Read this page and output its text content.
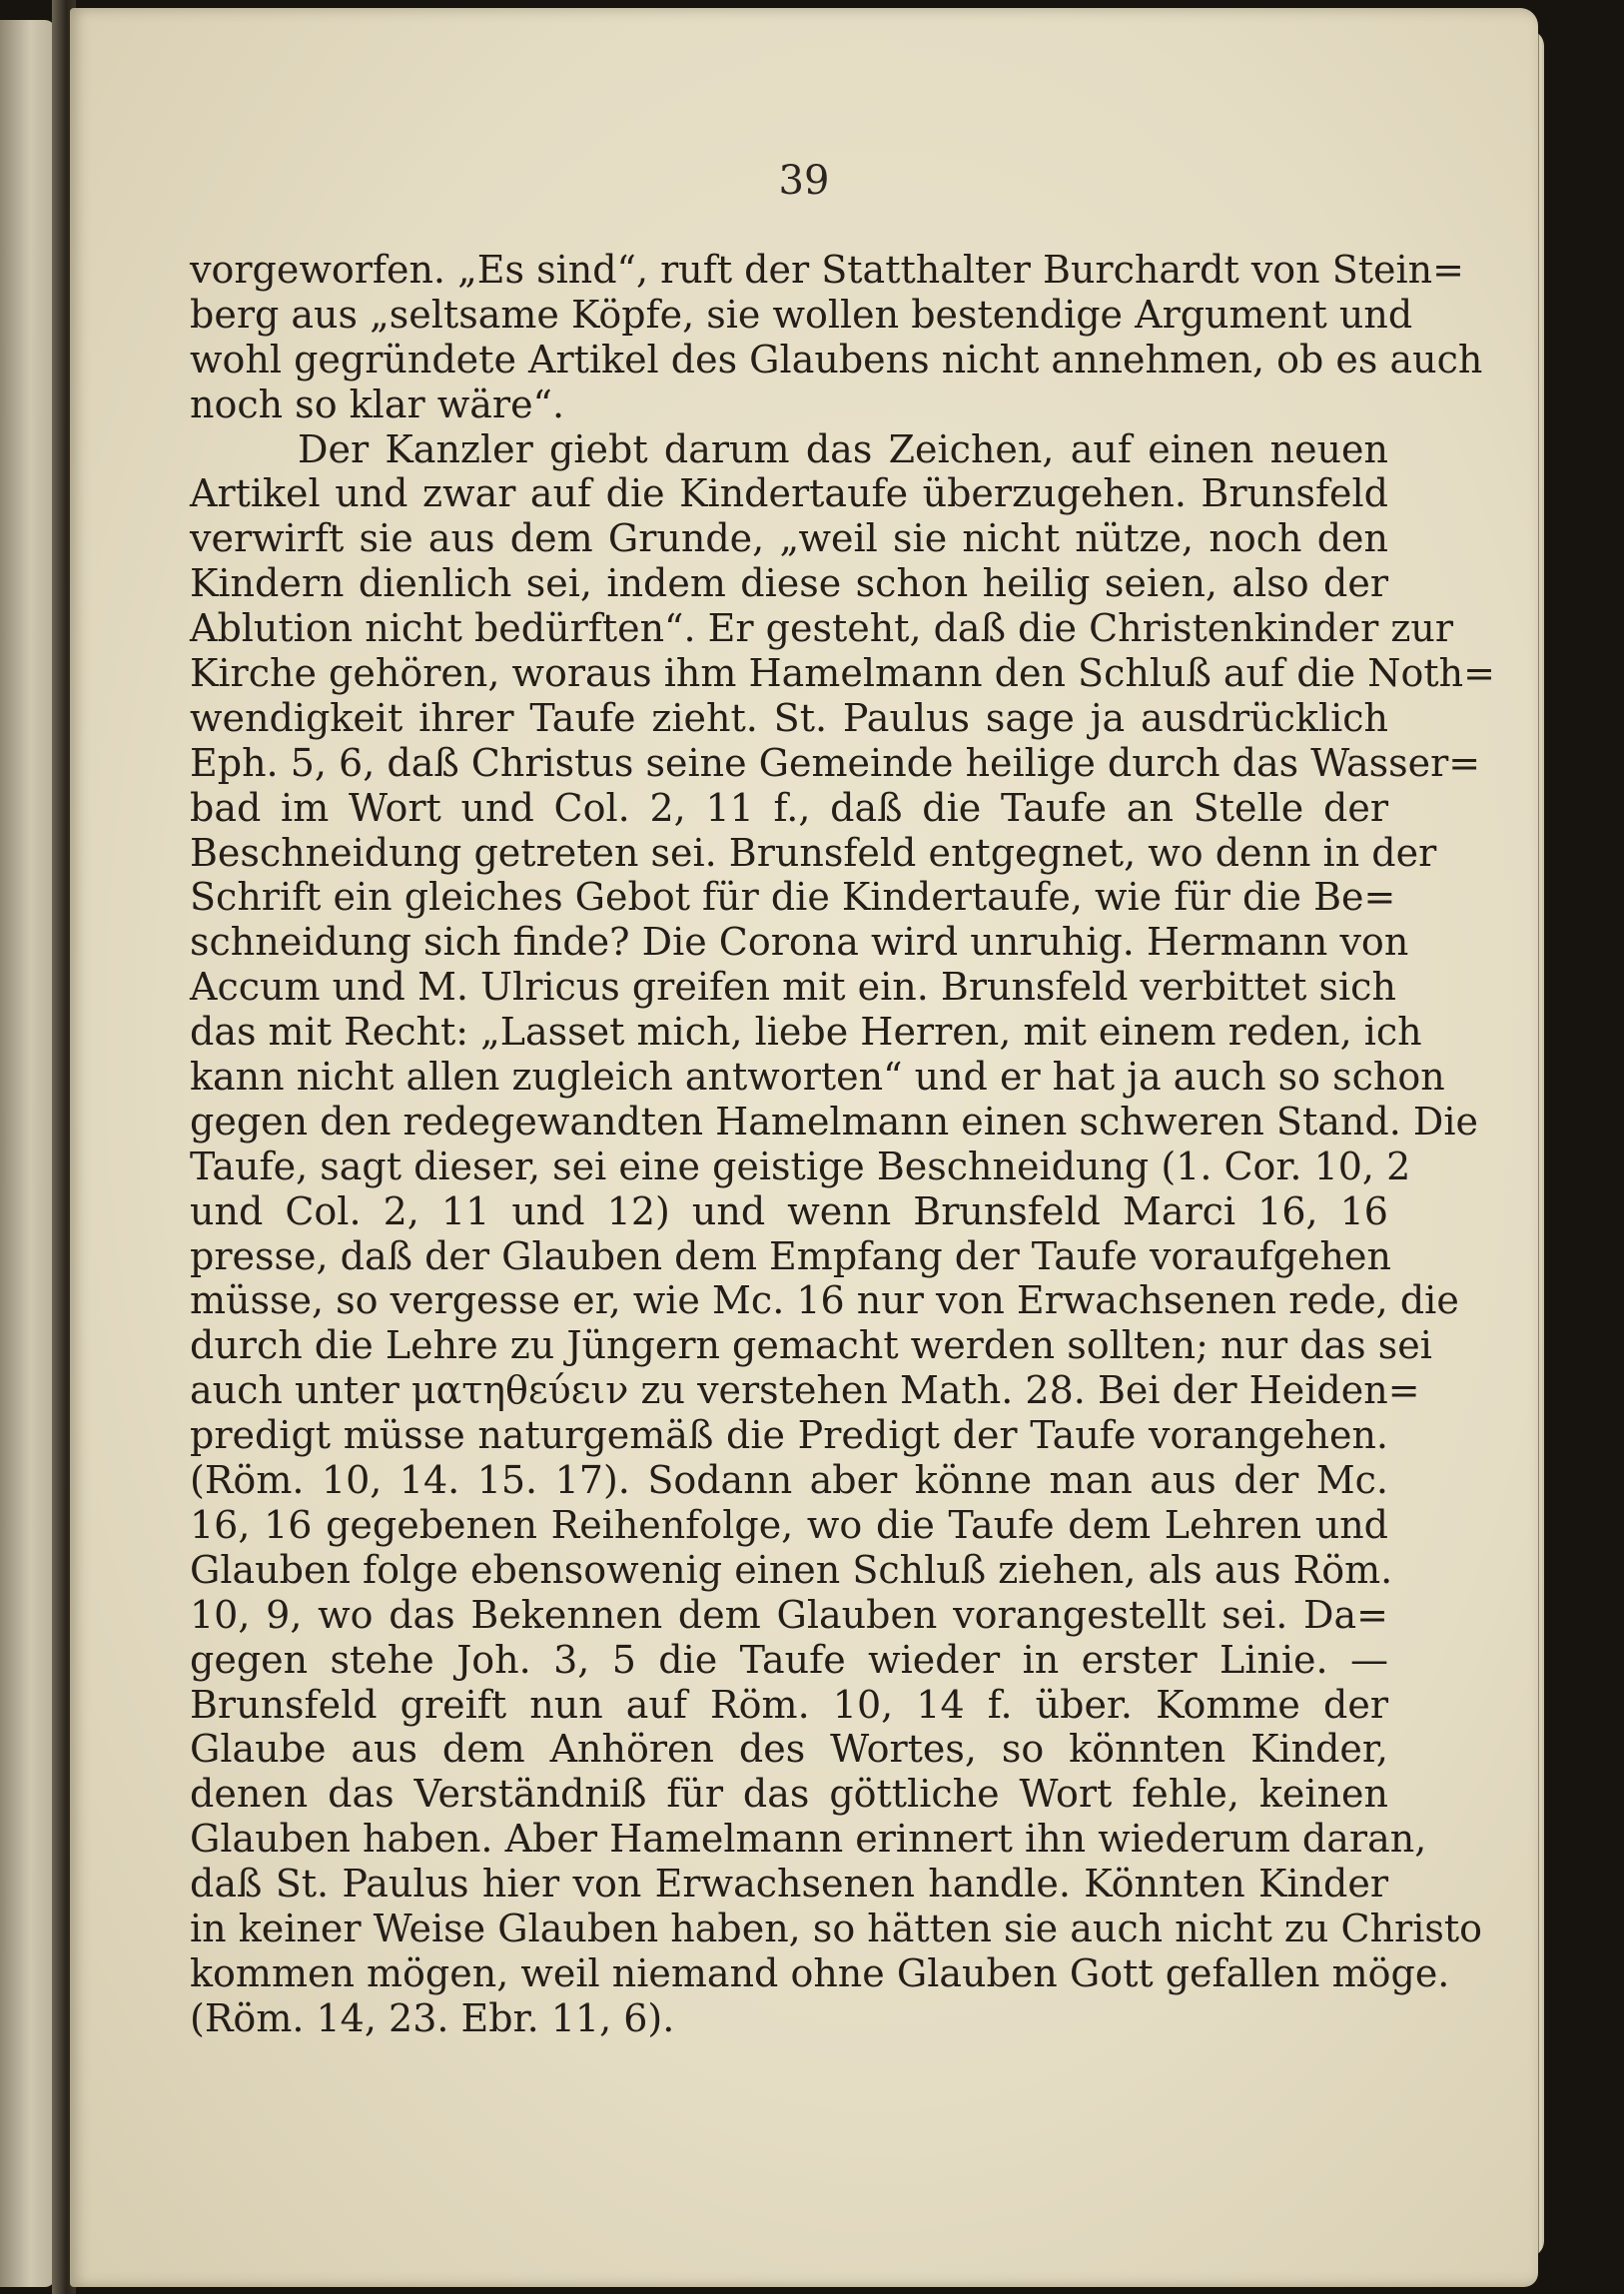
39
vorgeworfen. „Es sind“, ruft der Statthalter Burchardt von Stein=
berg aus „seltsame Köpfe, sie wollen bestendige Argument und
wohl gegründete Artikel des Glaubens nicht annehmen, ob es auch
noch so klar wäre“.
Der Kanzler giebt darum das Zeichen, auf einen neuen
Artikel und zwar auf die Kindertaufe überzugehen. Brunsfeld
verwirft sie aus dem Grunde, „weil sie nicht nütze, noch den
Kindern dienlich sei, indem diese schon heilig seien, also der
Ablution nicht bedürften“. Er gesteht, daß die Christenkinder zur
Kirche gehören, woraus ihm Hamelmann den Schluß auf die Noth=
wendigkeit ihrer Taufe zieht. St. Paulus sage ja ausdrücklich
Eph. 5, 6, daß Christus seine Gemeinde heilige durch das Wasser=
bad im Wort und Col. 2, 11 f., daß die Taufe an Stelle der
Beschneidung getreten sei. Brunsfeld entgegnet, wo denn in der
Schrift ein gleiches Gebot für die Kindertaufe, wie für die Be=
schneidung sich finde? Die Corona wird unruhig. Hermann von
Accum und M. Ulricus greifen mit ein. Brunsfeld verbittet sich
das mit Recht: „Lasset mich, liebe Herren, mit einem reden, ich
kann nicht allen zugleich antworten“ und er hat ja auch so schon
gegen den redegewandten Hamelmann einen schweren Stand. Die
Taufe, sagt dieser, sei eine geistige Beschneidung (1. Cor. 10, 2
und Col. 2, 11 und 12) und wenn Brunsfeld Marci 16, 16
presse, daß der Glauben dem Empfang der Taufe voraufgehen
müsse, so vergesse er, wie Mc. 16 nur von Erwachsenen rede, die
durch die Lehre zu Jüngern gemacht werden sollten; nur das sei
auch unter ματηθεύειν zu verstehen Math. 28. Bei der Heiden=
predigt müsse naturgemäß die Predigt der Taufe vorangehen.
(Röm. 10, 14. 15. 17). Sodann aber könne man aus der Mc.
16, 16 gegebenen Reihenfolge, wo die Taufe dem Lehren und
Glauben folge ebensowenig einen Schluß ziehen, als aus Röm.
10, 9, wo das Bekennen dem Glauben vorangestellt sei. Da=
gegen stehe Joh. 3, 5 die Taufe wieder in erster Linie. —
Brunsfeld greift nun auf Röm. 10, 14 f. über. Komme der
Glaube aus dem Anhören des Wortes, so könnten Kinder,
denen das Verständniß für das göttliche Wort fehle, keinen
Glauben haben. Aber Hamelmann erinnert ihn wiederum daran,
daß St. Paulus hier von Erwachsenen handle. Könnten Kinder
in keiner Weise Glauben haben, so hätten sie auch nicht zu Christo
kommen mögen, weil niemand ohne Glauben Gott gefallen möge.
(Röm. 14, 23. Ebr. 11, 6).
